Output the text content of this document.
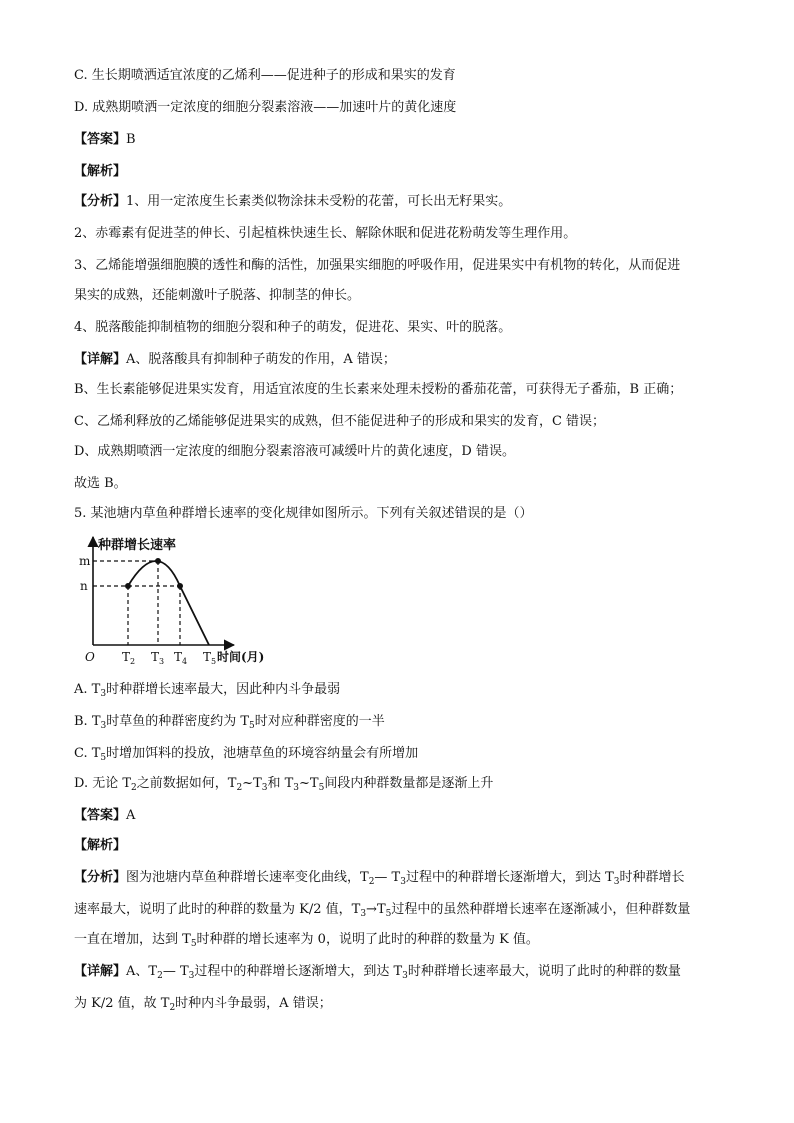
C. 生长期喷洒适宜浓度的乙烯利——促进种子的形成和果实的发育
D. 成熟期喷洒一定浓度的细胞分裂素溶液——加速叶片的黄化速度
【答案】B
【解析】
【分析】1、用一定浓度生长素类似物涂抹未受粉的花蕾，可长出无籽果实。
2、赤霉素有促进茎的伸长、引起植株快速生长、解除休眠和促进花粉萌发等生理作用。
3、乙烯能增强细胞膜的透性和酶的活性，加强果实细胞的呼吸作用，促进果实中有机物的转化，从而促进
果实的成熟，还能刺激叶子脱落、抑制茎的伸长。
4、脱落酸能抑制植物的细胞分裂和种子的萌发，促进花、果实、叶的脱落。
【详解】A、脱落酸具有抑制种子萌发的作用，A 错误；
B、生长素能够促进果实发育，用适宜浓度的生长素来处理未授粉的番茄花蕾，可获得无子番茄，B 正确；
C、乙烯利释放的乙烯能够促进果实的成熟，但不能促进种子的形成和果实的发育，C 错误；
D、成熟期喷洒一定浓度的细胞分裂素溶液可减缓叶片的黄化速度，D 错误。
故选 B。
5. 某池塘内草鱼种群增长速率的变化规律如图所示。下列有关叙述错误的是（）
种群增长速率
m
n
O $T_2$ $T_3$ $T_4$ $T_5$ 时间(月)
A. $T_3$时种群增长速率最大，因此种内斗争最弱
B. $T_3$时草鱼的种群密度约为 $T_5$时对应种群密度的一半
C. $T_5$时增加饵料的投放，池塘草鱼的环境容纳量会有所增加
D. 无论 $T_2$之前数据如何，$T_2\sim T_3$和 $T_3\sim T_5$间段内种群数量都是逐渐上升
【答案】A
【解析】
【分析】图为池塘内草鱼种群增长速率变化曲线，$T_2—$ $T_3$过程中的种群增长逐渐增大，到达 $T_3$时种群增长
速率最大，说明了此时的种群的数量为 K/2 值，$T_3\to T_5$过程中的虽然种群增长速率在逐渐减小，但种群数量
一直在增加，达到 $T_5$时种群的增长速率为 0，说明了此时的种群的数量为 K 值。
【详解】A、$T_2—$ $T_3$过程中的种群增长逐渐增大，到达 $T_3$时种群增长速率最大，说明了此时的种群的数量
为 K/2 值，故 $T_2$时种内斗争最弱，A 错误；
